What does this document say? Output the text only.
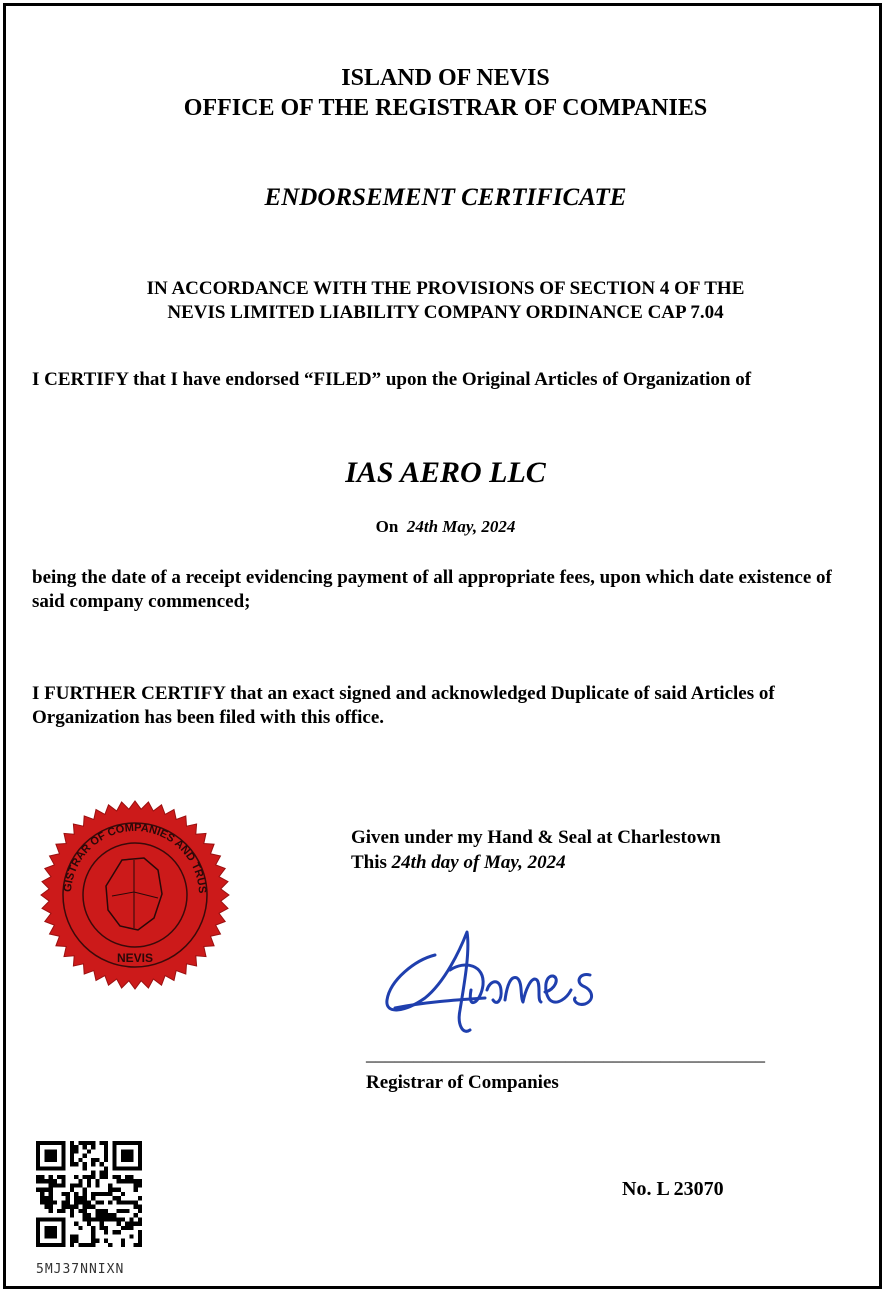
ISLAND OF NEVIS

OFFICE OF THE REGISTRAR OF COMPANIES

ENDORSEMENT CERTIFICATE

IN ACCORDANCE WITH THE PROVISIONS OF SECTION 4 OF THE

NEVIS LIMITED LIABILITY COMPANY ORDINANCE CAP 7.04

I CERTIFY that I have endorsed “FILED” upon the Original Articles of Organization of

IAS AERO LLC

On 24th May, 2024

being the date of a receipt evidencing payment of all appropriate fees, upon which date existence of said company commenced;

I FURTHER CERTIFY that an exact signed and acknowledged Duplicate of said Articles of Organization has been filed with this office.

GISTRAR OF COMPANIES AND TRUS
NEVIS

Given under my Hand & Seal at Charlestown

This 24th day of May, 2024

__________________________________________

Registrar of Companies

5MJ37NNIXN

No. L 23070
